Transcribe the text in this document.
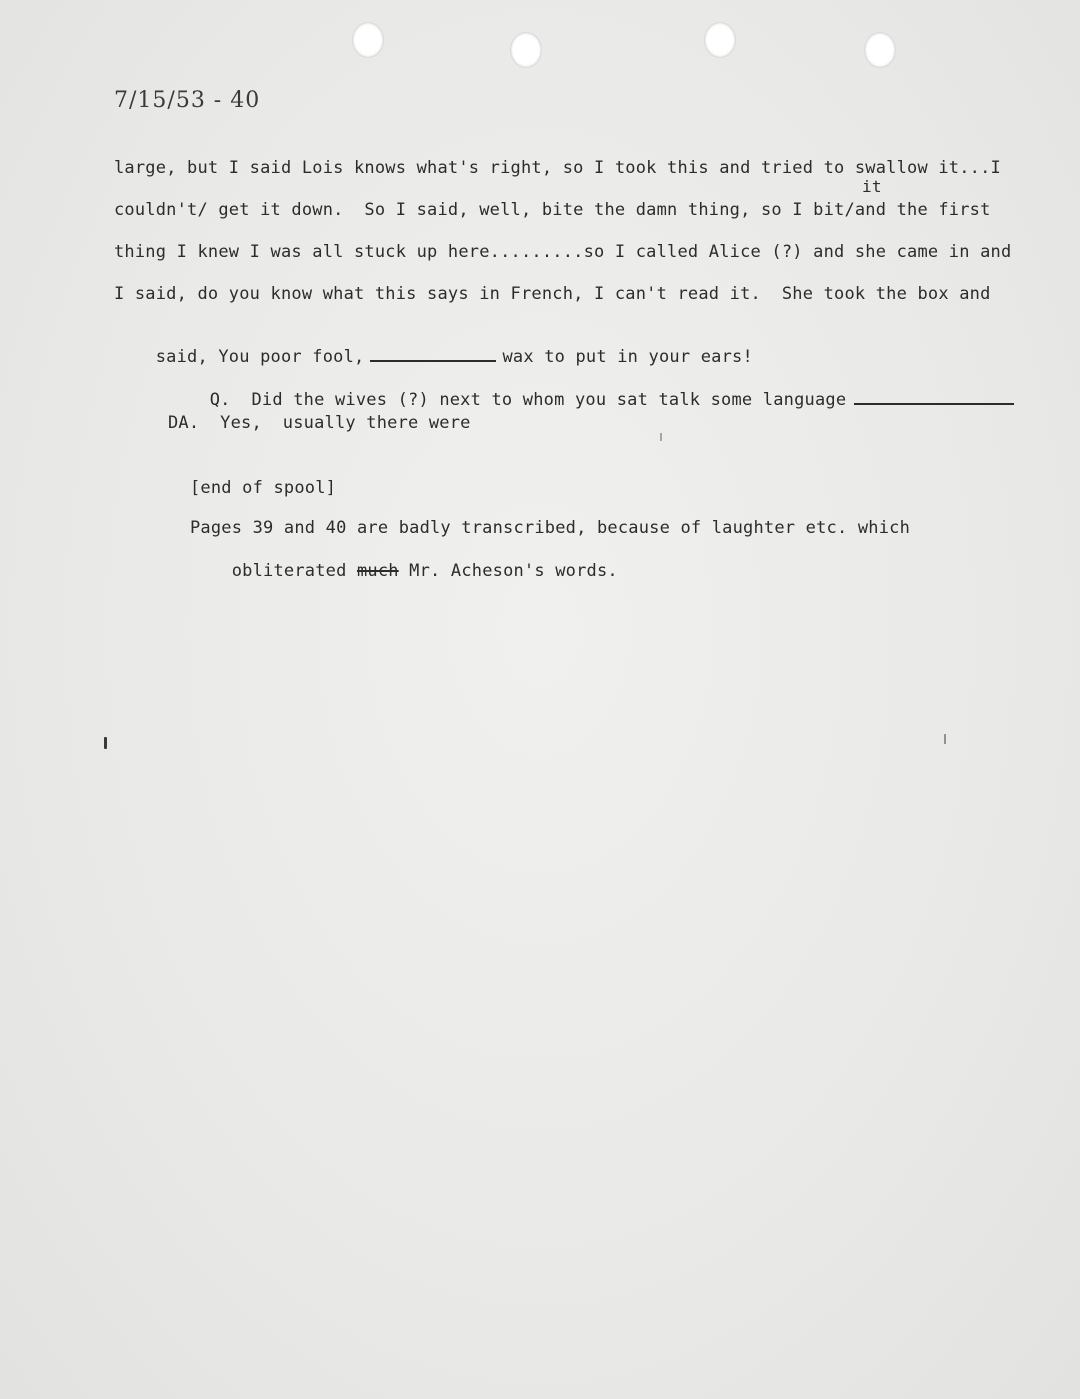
7/15/53 - 40
large, but I said Lois knows what's right, so I took this and tried to swallow it...I
it
couldn't/ get it down.  So I said, well, bite the damn thing, so I bit/and the first
thing I knew I was all stuck up here.........so I called Alice (?) and she came in and
I said, do you know what this says in French, I can't read it.  She took the box and

said, You poor fool,	wax to put in your ears!

Q.  Did the wives (?) next to whom you sat talk some language

DA.  Yes,  usually there were
[end of spool]
Pages 39 and 40 are badly transcribed, because of laughter etc. which

obliterated much Mr. Acheson's words.
